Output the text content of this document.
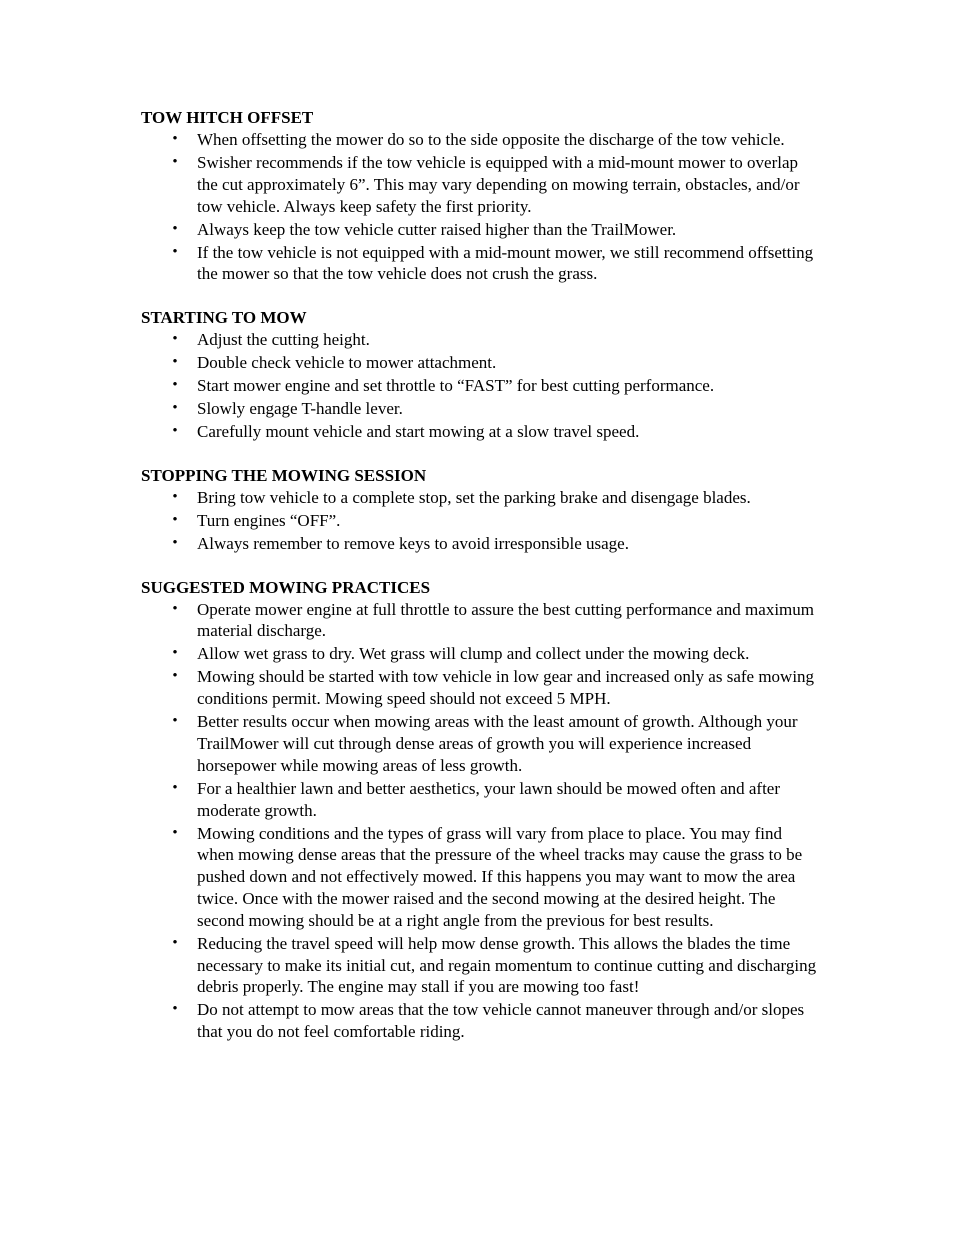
TOW HITCH OFFSET

• When offsetting the mower do so to the side opposite the discharge of the tow vehicle.
• Swisher recommends if the tow vehicle is equipped with a mid-mount mower to overlap the cut approximately 6”. This may vary depending on mowing terrain, obstacles, and/or tow vehicle. Always keep safety the first priority.
• Always keep the tow vehicle cutter raised higher than the TrailMower.
• If the tow vehicle is not equipped with a mid-mount mower, we still recommend offsetting the mower so that the tow vehicle does not crush the grass.

STARTING TO MOW

• Adjust the cutting height.
• Double check vehicle to mower attachment.
• Start mower engine and set throttle to “FAST” for best cutting performance.
• Slowly engage T-handle lever.
• Carefully mount vehicle and start mowing at a slow travel speed.

STOPPING THE MOWING SESSION

• Bring tow vehicle to a complete stop, set the parking brake and disengage blades.
• Turn engines “OFF”.
• Always remember to remove keys to avoid irresponsible usage.

SUGGESTED MOWING PRACTICES

• Operate mower engine at full throttle to assure the best cutting performance and maximum material discharge.
• Allow wet grass to dry. Wet grass will clump and collect under the mowing deck.
• Mowing should be started with tow vehicle in low gear and increased only as safe mowing conditions permit. Mowing speed should not exceed 5 MPH.
• Better results occur when mowing areas with the least amount of growth. Although your TrailMower will cut through dense areas of growth you will experience increased horsepower while mowing areas of less growth.
• For a healthier lawn and better aesthetics, your lawn should be mowed often and after moderate growth.
• Mowing conditions and the types of grass will vary from place to place. You may find when mowing dense areas that the pressure of the wheel tracks may cause the grass to be pushed down and not effectively mowed. If this happens you may want to mow the area twice. Once with the mower raised and the second mowing at the desired height. The second mowing should be at a right angle from the previous for best results.
• Reducing the travel speed will help mow dense growth. This allows the blades the time necessary to make its initial cut, and regain momentum to continue cutting and discharging debris properly. The engine may stall if you are mowing too fast!
• Do not attempt to mow areas that the tow vehicle cannot maneuver through and/or slopes that you do not feel comfortable riding.
